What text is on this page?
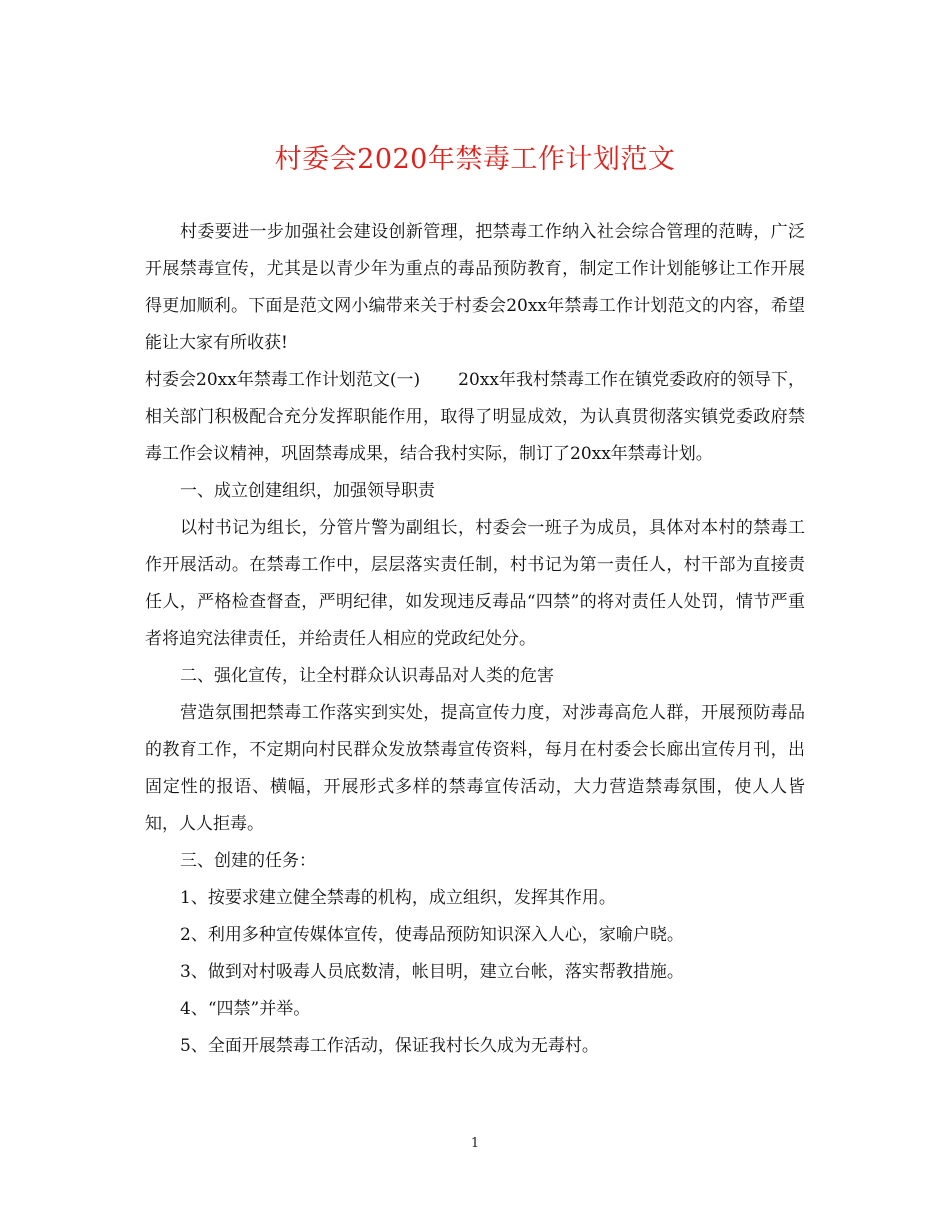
村委会2020年禁毒工作计划范文

村委要进一步加强社会建设创新管理，把禁毒工作纳入社会综合管理的范畴，广泛开展禁毒宣传，尤其是以青少年为重点的毒品预防教育，制定工作计划能够让工作开展得更加顺利。下面是范文网小编带来关于村委会20xx年禁毒工作计划范文的内容，希望能让大家有所收获!

村委会20xx年禁毒工作计划范文(一) 20xx年我村禁毒工作在镇党委政府的领导下，相关部门积极配合充分发挥职能作用，取得了明显成效，为认真贯彻落实镇党委政府禁毒工作会议精神，巩固禁毒成果，结合我村实际，制订了20xx年禁毒计划。

一、成立创建组织，加强领导职责

以村书记为组长，分管片警为副组长，村委会一班子为成员，具体对本村的禁毒工作开展活动。在禁毒工作中，层层落实责任制，村书记为第一责任人，村干部为直接责任人，严格检查督查，严明纪律，如发现违反毒品“四禁”的将对责任人处罚，情节严重者将追究法律责任，并给责任人相应的党政纪处分。

二、强化宣传，让全村群众认识毒品对人类的危害

营造氛围把禁毒工作落实到实处，提高宣传力度，对涉毒高危人群，开展预防毒品的教育工作，不定期向村民群众发放禁毒宣传资料，每月在村委会长廊出宣传月刊，出固定性的报语、横幅，开展形式多样的禁毒宣传活动，大力营造禁毒氛围，使人人皆知，人人拒毒。

三、创建的任务：

1、按要求建立健全禁毒的机构，成立组织，发挥其作用。

2、利用多种宣传媒体宣传，使毒品预防知识深入人心，家喻户晓。

3、做到对村吸毒人员底数清，帐目明，建立台帐，落实帮教措施。

4、“四禁”并举。

5、全面开展禁毒工作活动，保证我村长久成为无毒村。

1
